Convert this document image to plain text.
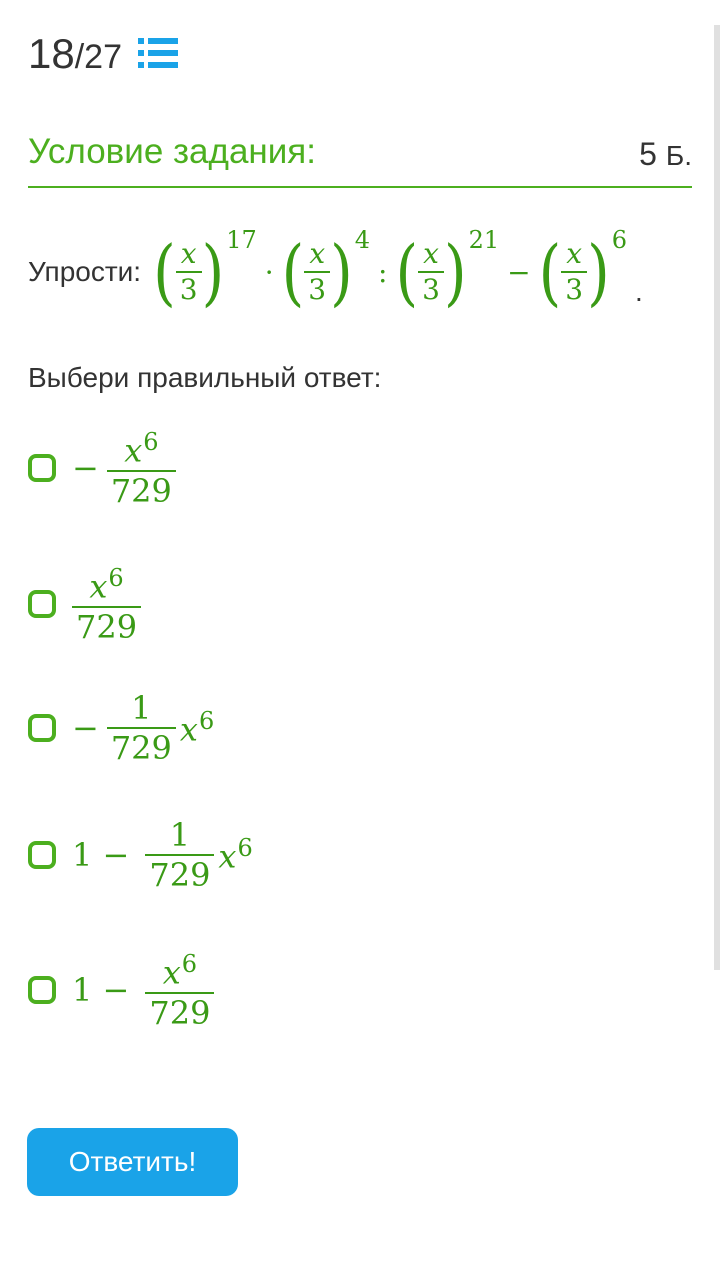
18 /27
Условие задания:	5 Б.
Упрости: ( $\frac{x}{3}$ ) 17
· ( $\frac{x}{3}$ ) 4
: ( $\frac{x}{3}$ ) 21
− ( $\frac{x}{3}$ ) 6
.
Выбери правильный ответ:
− $\frac{x^6}{729}$
$\frac{x^6}{729}$
− $\frac{1}{729} x^6$
$1 - \frac{1}{729} x^6$
$1 - \frac{x^6}{729}$
Ответить!
